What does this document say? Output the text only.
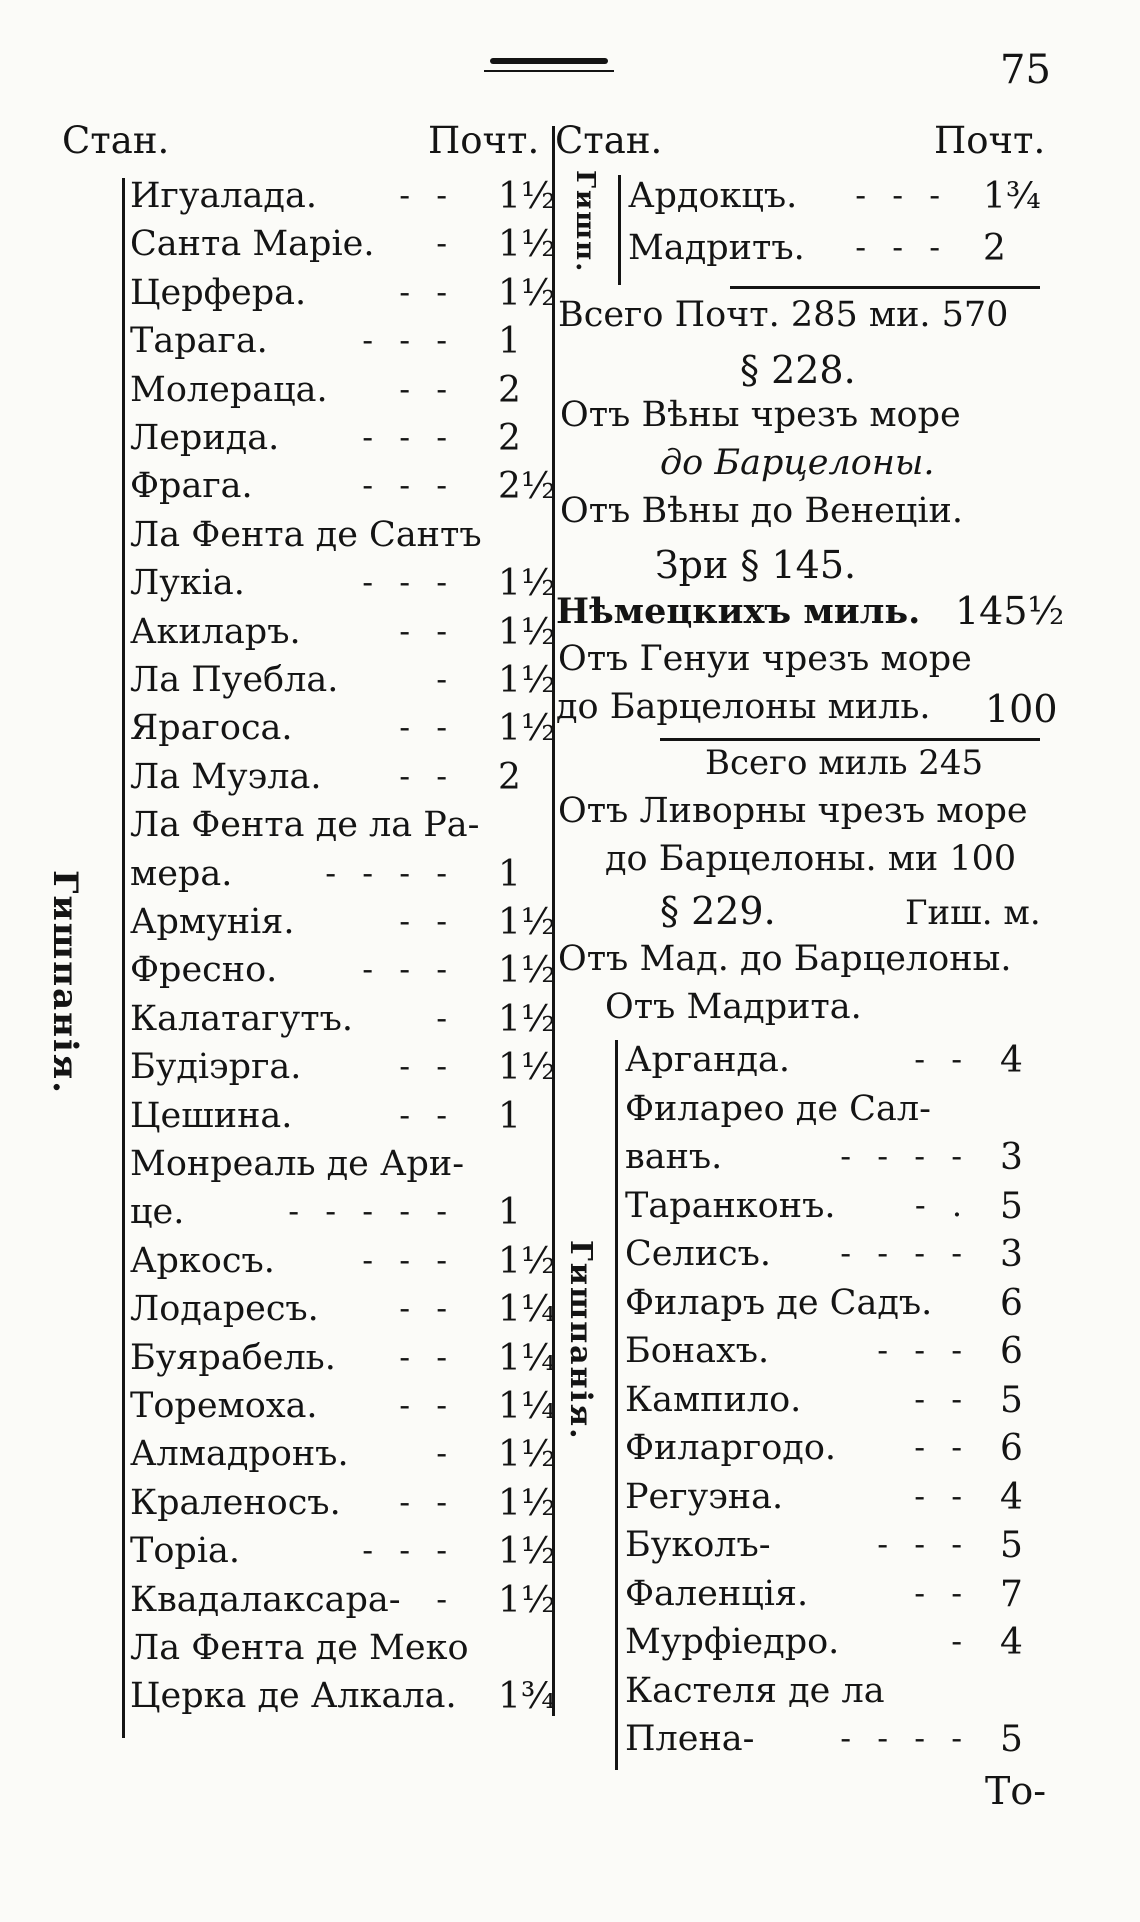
75
Стан.	Почт. Стан.	Почт.
Гишпанія.
Игуалада.	- - 1½
Санта Маріе. - 1½
Церфера.	- - 1½
Тарага.	- - - 1
Молераца. - - 2
Лерида.	- - - 2
Фрага.	- - - 2½
Ла Фента де Сантъ
Лукіа.	- - - 1½
Акиларъ.	- - 1½
Ла Пуебла.	- 1½
Ярагоса.	- - 1½
Ла Муэла. - - 2
Ла Фента де ла Ра-
мера.	- - - - 1
Армунія.	- - 1½
Фресно.	- - - 1½
Калатагутъ.	- 1½
Будіэрга.	- - 1½
Цешина.	- - 1
Монреаль де Ари-
це.	- - - - - 1
Аркосъ.	- - - 1½
Лодаресъ.	- - 1¼
Буярабель. - - 1¼
Торемоха.	- - 1¼
Алмадронъ.	- 1½
Краленосъ. - - 1½
Торіа.	- - - 1½
Квадалаксара- - 1½
Ла Фента де Меко
Церка де Алкала. 1¾
Гишп. Ардокцъ. - - - 1¾
Мадритъ. - - - 2
Всего Почт. 285 ми. 570
§ 228.
Отъ Вѣны чрезъ море
до Барцелоны.
Отъ Вѣны до Венеціи.
Зри § 145.
Нѣмецкихъ миль. 145½
Отъ Генуи чрезъ море
до Барцелоны миль. 100
Всего миль 245
Отъ Ливорны чрезъ море
до Барцелоны. ми 100
§ 229.	Гиш. м.
Отъ Мад. до Барцелоны.
Отъ Мадрита.
Гишпанія.
Арганда.	- - 4
Филарео де Сал-
ванъ.	- - - - 3
Таранконъ. - . 5
Селисъ. - - - - 3
Филаръ де Садъ. 6
Бонахъ.	- - - 6
Кампило.	- - 5
Филаргодо. - - 6
Регуэна.	- - 4
Буколъ-	- - - 5
Фаленція.	- - 7
Мурфіедро.	- 4
Кастеля де ла
Плена-	- - - - 5
То-
